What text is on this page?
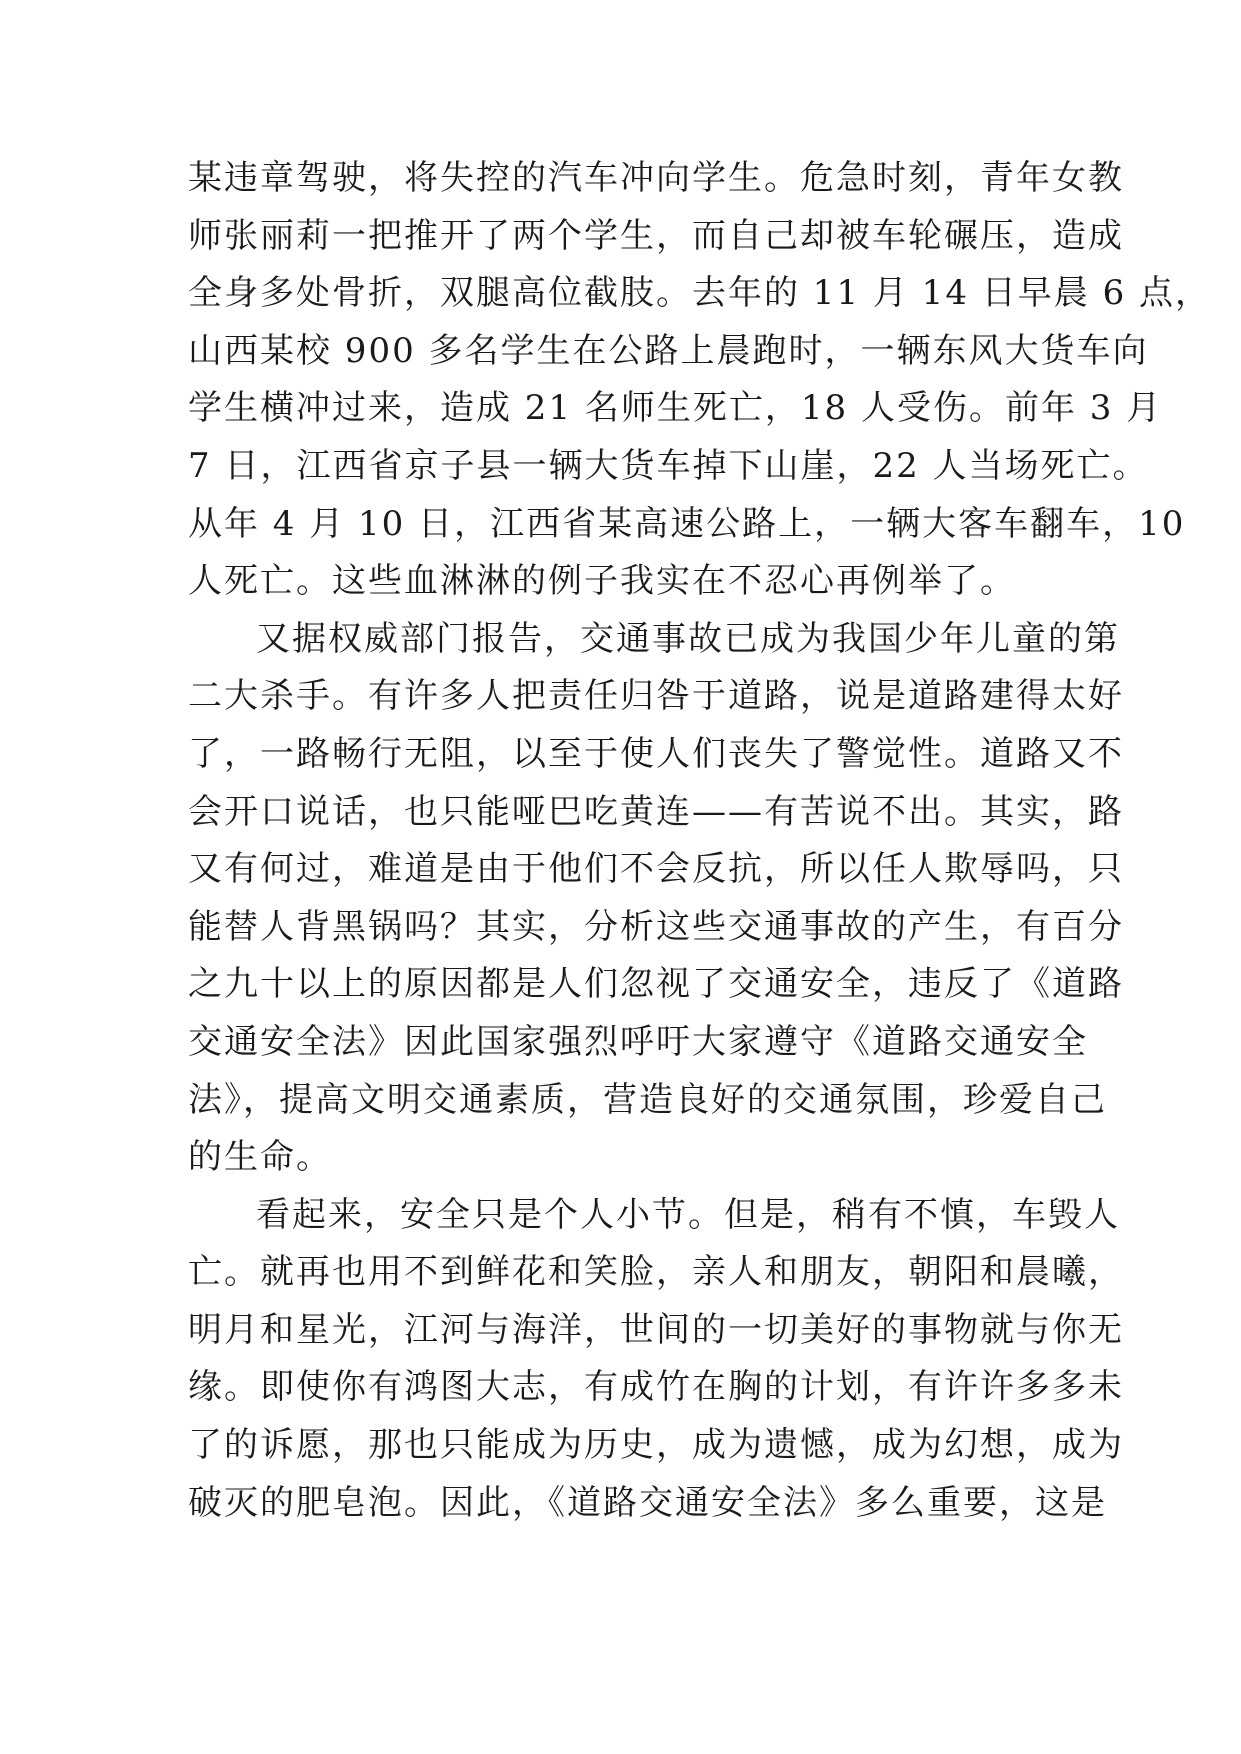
某违章驾驶，将失控的汽车冲向学生。危急时刻，青年女教
师张丽莉一把推开了两个学生，而自己却被车轮碾压，造成
全身多处骨折，双腿高位截肢。去年的 11 月 14 日早晨 6 点，
山西某校 900 多名学生在公路上晨跑时，一辆东风大货车向
学生横冲过来，造成 21 名师生死亡，18 人受伤。前年 3 月
7 日，江西省京子县一辆大货车掉下山崖，22 人当场死亡。
从年 4 月 10 日，江西省某高速公路上，一辆大客车翻车，10
人死亡。这些血淋淋的例子我实在不忍心再例举了。
又据权威部门报告，交通事故已成为我国少年儿童的第
二大杀手。有许多人把责任归咎于道路，说是道路建得太好
了，一路畅行无阻，以至于使人们丧失了警觉性。道路又不
会开口说话，也只能哑巴吃黄连——有苦说不出。其实，路
又有何过，难道是由于他们不会反抗，所以任人欺辱吗，只
能替人背黑锅吗？其实，分析这些交通事故的产生，有百分
之九十以上的原因都是人们忽视了交通安全，违反了《道路
交通安全法》因此国家强烈呼吁大家遵守《道路交通安全
法》，提高文明交通素质，营造良好的交通氛围，珍爱自己
的生命。
看起来，安全只是个人小节。但是，稍有不慎，车毁人
亡。就再也用不到鲜花和笑脸，亲人和朋友，朝阳和晨曦，
明月和星光，江河与海洋，世间的一切美好的事物就与你无
缘。即使你有鸿图大志，有成竹在胸的计划，有许许多多未
了的诉愿，那也只能成为历史，成为遗憾，成为幻想，成为
破灭的肥皂泡。因此，《道路交通安全法》多么重要，这是
